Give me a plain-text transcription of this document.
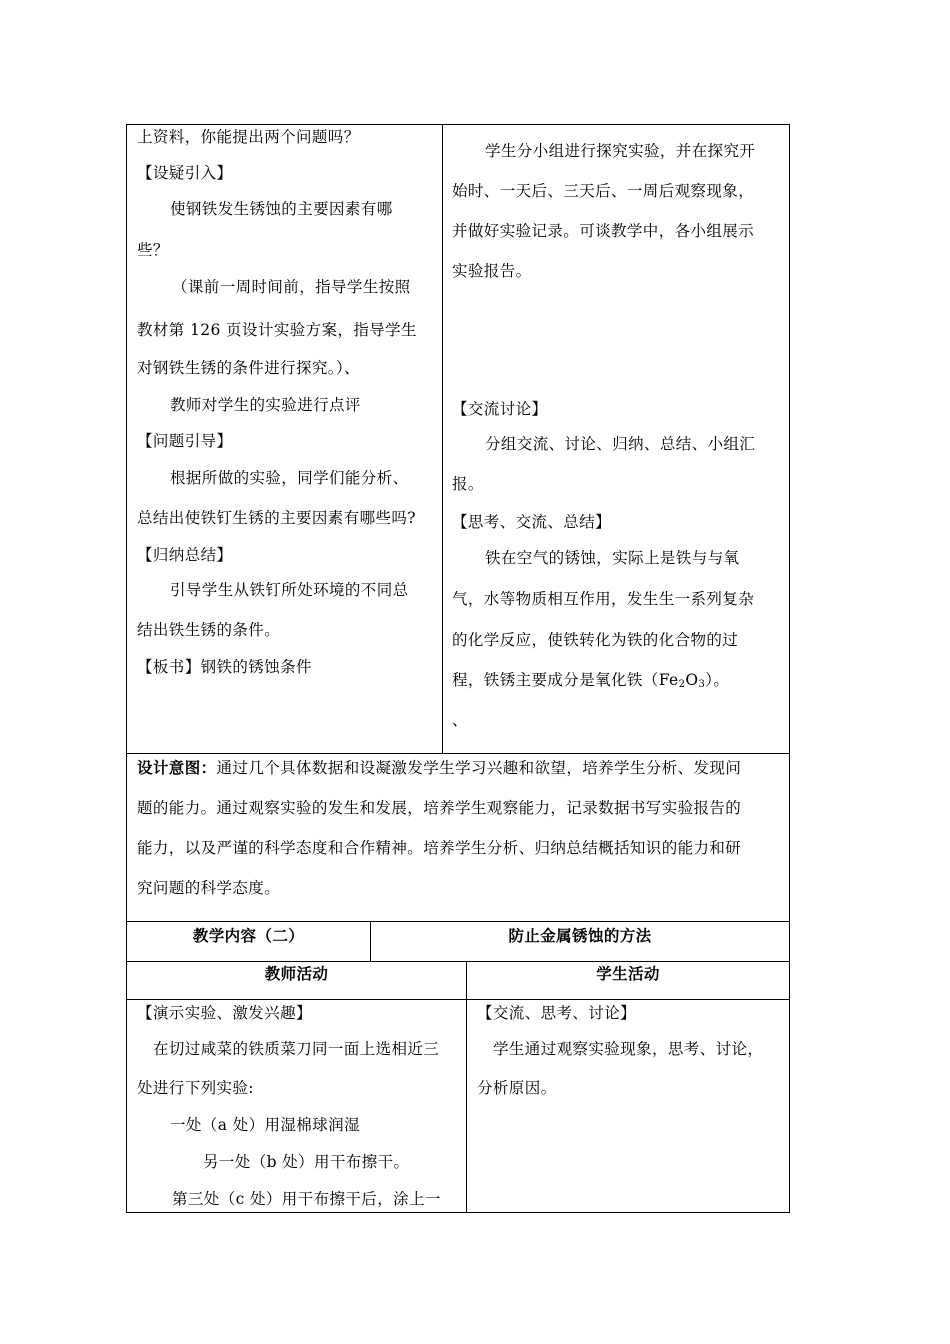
上资料，你能提出两个问题吗？
【设疑引入】
使钢铁发生锈蚀的主要因素有哪
些？
（课前一周时间前，指导学生按照
教材第 126 页设计实验方案，指导学生
对钢铁生锈的条件进行探究。）、
教师对学生的实验进行点评
【问题引导】
根据所做的实验，同学们能分析、
总结出使铁钉生锈的主要因素有哪些吗?
【归纳总结】
引导学生从铁钉所处环境的不同总
结出铁生锈的条件。
【板书】钢铁的锈蚀条件
学生分小组进行探究实验，并在探究开
始时、一天后、三天后、一周后观察现象，
并做好实验记录。可谈教学中，各小组展示
实验报告。
【交流讨论】
分组交流、讨论、归纳、总结、小组汇
报。
【思考、交流、总结】
铁在空气的锈蚀，实际上是铁与与氧
气，水等物质相互作用，发生生一系列复杂
的化学反应，使铁转化为铁的化合物的过
程，铁锈主要成分是氧化铁$(Fe_2O_3)$。
、
设计意图：通过几个具体数据和设凝激发学生学习兴趣和欲望，培养学生分析、发现问
题的能力。通过观察实验的发生和发展，培养学生观察能力，记录数据书写实验报告的
能力，以及严谨的科学态度和合作精神。培养学生分析、归纳总结概括知识的能力和研
究问题的科学态度。
教学内容（二）	防止金属锈蚀的方法
教师活动	学生活动
【演示实验、激发兴趣】
在切过咸菜的铁质菜刀同一面上选相近三
处进行下列实验:
一处（a 处）用湿棉球润湿
另一处（b 处）用干布擦干。
第三处（c 处）用干布擦干后，涂上一
【交流、思考、讨论】
学生通过观察实验现象，思考、讨论，
分析原因。
